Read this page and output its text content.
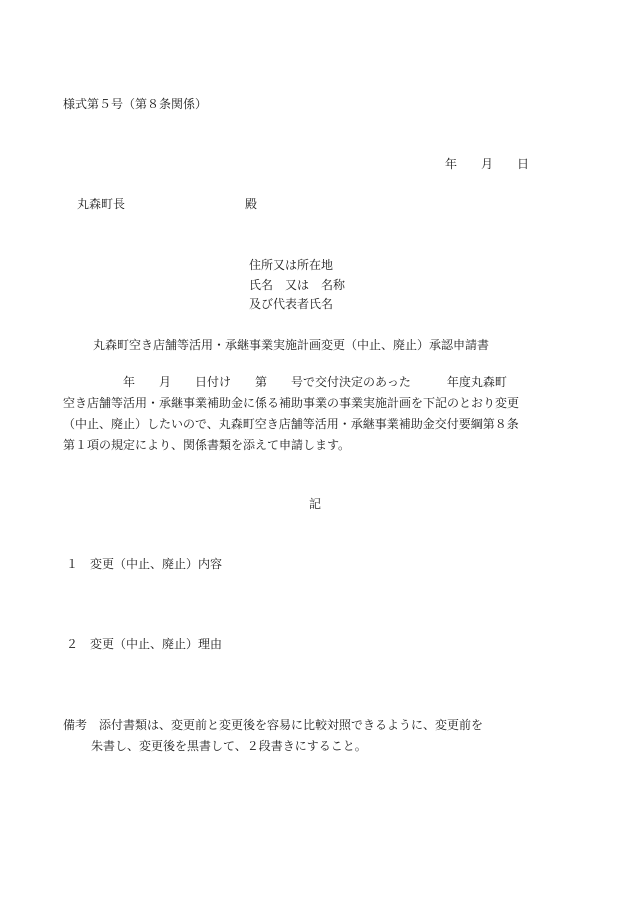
様式第５号（第８条関係）
年　　月　　日
丸森町長　　　　　　　　　　殿
住所又は所在地
氏名　又は　名称
及び代表者氏名
丸森町空き店舗等活用・承継事業実施計画変更（中止、廃止）承認申請書
　　　　　年　　月　　日付け　　第　　号で交付決定のあった　　　年度丸森町
空き店舗等活用・承継事業補助金に係る補助事業の事業実施計画を下記のとおり変更
（中止、廃止）したいので、丸森町空き店舗等活用・承継事業補助金交付要綱第８条
第１項の規定により、関係書類を添えて申請します。
記
１　変更（中止、廃止）内容
２　変更（中止、廃止）理由
備考　添付書類は、変更前と変更後を容易に比較対照できるように、変更前を
朱書し、変更後を黒書して、２段書きにすること。
